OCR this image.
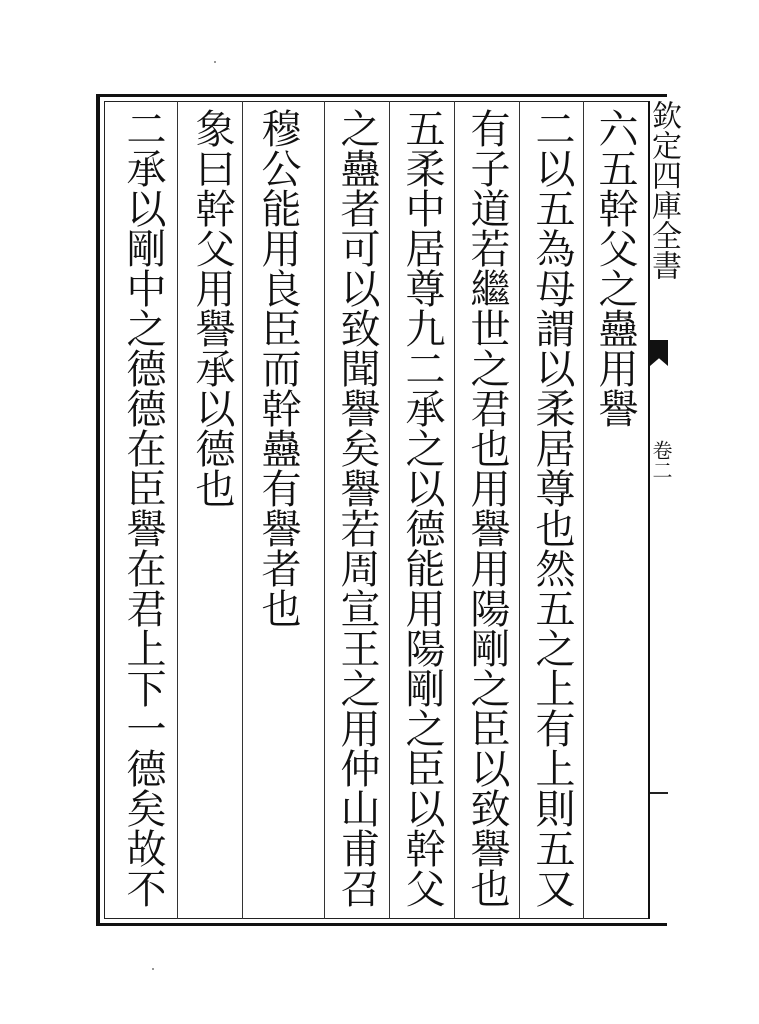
欽定四庫全書
卷二
六五幹父之蠱用譽
二以五為母謂以柔居尊也然五之上有上則五又
有子道若繼世之君也用譽用陽剛之臣以致譽也
五柔中居尊九二承之以德能用陽剛之臣以幹父
之蠱者可以致聞譽矣譽若周宣王之用仲山甫召
穆公能用良臣而幹蠱有譽者也
象曰幹父用譽承以德也
二承以剛中之德德在臣譽在君上下一德矣故不
